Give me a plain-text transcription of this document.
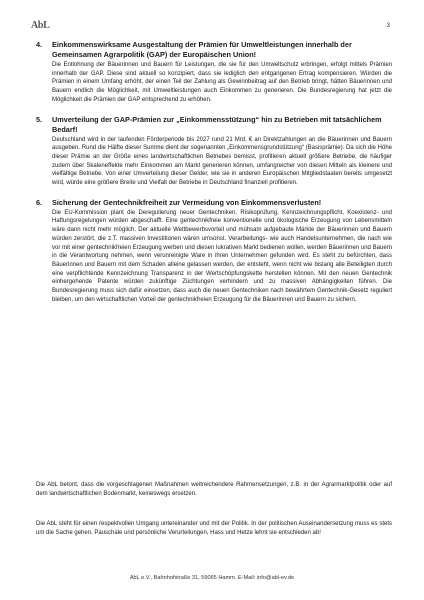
AbL	3
4. Einkommenswirksame Ausgestaltung der Prämien für Umweltleistungen innerhalb der Gemeinsamen Agrarpolitik (GAP) der Europäischen Union!
Die Entlohnung der Bäuerinnen und Bauern für Leistungen, die sie für den Umweltschutz erbringen, erfolgt mittels Prämien innerhalb der GAP. Diese sind aktuell so konzipiert, dass sie lediglich den entgangenen Ertrag kompensieren. Würden die Prämien in einem Umfang erhöht, der einen Teil der Zahlung als Gewinnbeitrag auf den Betrieb bringt, hätten Bäuerinnen und Bauern endlich die Möglichkeit, mit Umweltleistungen auch Einkommen zu generieren. Die Bundesregierung hat jetzt die Möglichkeit die Prämien der GAP entsprechend zu erhöhen.
5. Umverteilung der GAP-Prämien zur „Einkommensstützung“ hin zu Betrieben mit tatsächlichem Bedarf!
Deutschland wird in der laufenden Förderperiode bis 2027 rund 21 Mrd. € an Direktzahlungen an die Bäuerinnen und Bauern ausgeben. Rund die Hälfte dieser Summe dient der sogenannten „Einkommensgrundstützung“ (Basisprämie). Da sich die Höhe dieser Prämie an der Größe eines landwirtschaftlichen Betriebes bemisst, profitieren aktuell größere Betriebe, die häufiger zudem über Skaleneffekte mehr Einkommen am Markt generieren können, umfangreicher von diesen Mitteln als kleinere und vielfältige Betriebe. Von einer Umverteilung dieser Gelder, wie sie in anderen Europäischen Mitgliedstaaten bereits umgesetzt wird, würde eine größere Breite und Vielfalt der Betriebe in Deutschland finanziell profitieren.
6. Sicherung der Gentechnikfreiheit zur Vermeidung von Einkommensverlusten!
Die EU-Kommission plant die Deregulierung neuer Gentechniken. Risikoprüfung, Kennzeichnungspflicht, Koexistenz- und Haftungsregelungen würden abgeschafft. Eine gentechnikfreie konventionelle und ökologische Erzeugung von Lebensmitteln wäre dann nicht mehr möglich. Der aktuelle Wettbewerbsvorteil und mühsam aufgebaute Märkte der Bäuerinnen und Bauern würden zerstört, die z.T. massiven Investitionen wären umsonst. Verarbeitungs- wie auch Handelsunternehmen, die nach wie vor mit einer gentechnikfreien Erzeugung werben und diesen lukrativen Markt bedienen wollen, werden Bäuerinnen und Bauern in die Verantwortung nehmen, wenn verunreinigte Ware in ihren Unternehmen gefunden wird. Es steht zu befürchten, dass Bäuerinnen und Bauern mit dem Schaden alleine gelassen werden, der entsteht, wenn nicht wie bislang alle Beteiligten durch eine verpflichtende Kennzeichnung Transparenz in der Wertschöpfungskette herstellen können. Mit den neuen Gentechnik einhergehende Patente würden zukünftige Züchtungen verhindern und zu massiven Abhängigkeiten führen. Die Bundesregierung muss sich dafür einsetzen, dass auch die neuen Gentechniken nach bewährtem Gentechnik-Gesetz reguliert bleiben, um den wirtschaftlichen Vorteil der gentechnikfreien Erzeugung für die Bäuerinnen und Bauern zu sichern.
Die AbL betont, dass die vorgeschlagenen Maßnahmen weitreichendere Rahmensetzungen, z.B. in der Agrarmarktpolitik oder auf dem landwirtschaftlichen Bodenmarkt, keineswegs ersetzen.
Die AbL steht für einen respektvollen Umgang untereinander und mit der Politik. In der politischen Auseinandersetzung muss es stets um die Sache gehen. Pauschale und persönliche Verurteilungen, Hass und Hetze lehnt sie entschieden ab!
AbL e.V., Bahnhofstraße 31, 59065 Hamm. E-Mail: info@abl-ev.de
